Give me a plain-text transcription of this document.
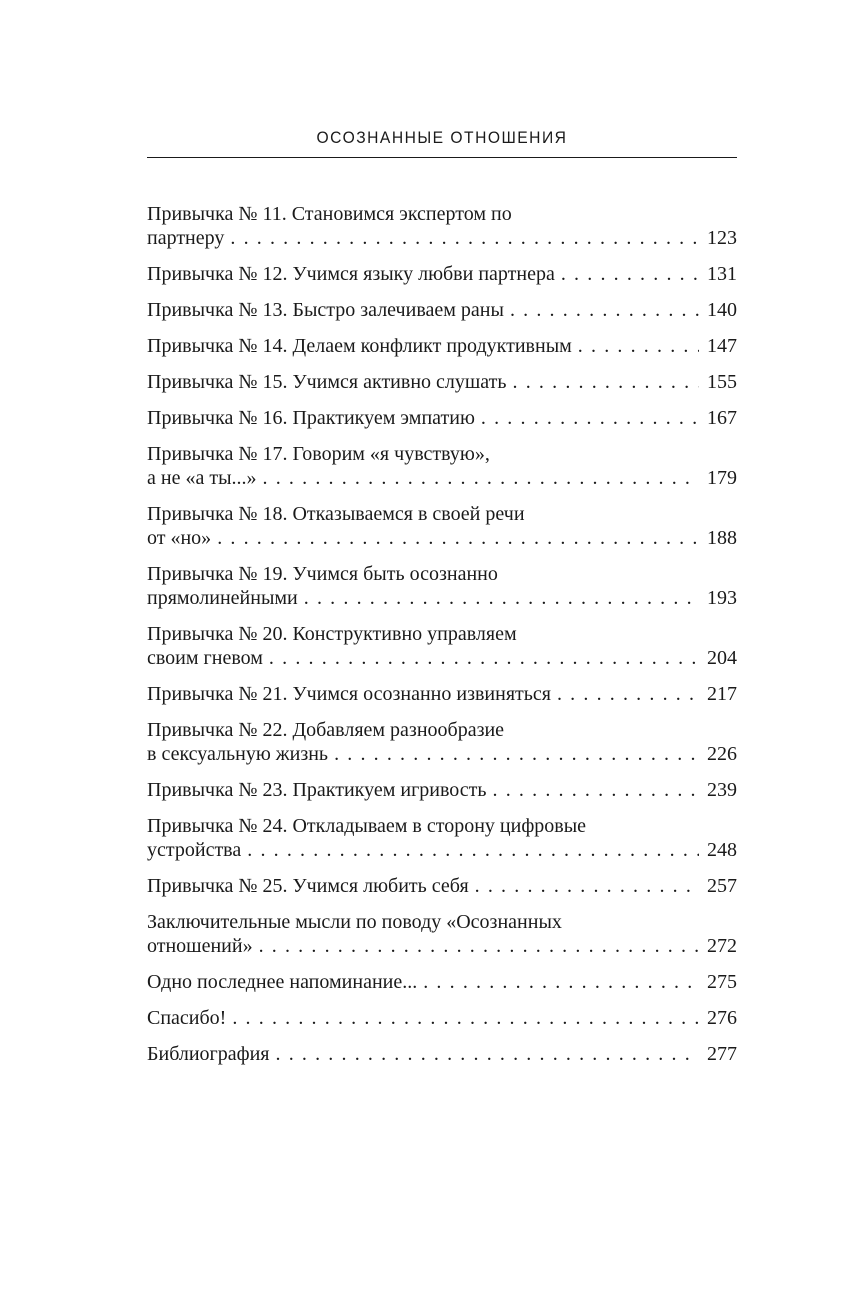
ОСОЗНАННЫЕ ОТНОШЕНИЯ
Привычка № 11. Становимся экспертом по
партнеру . . .	123
Привычка № 12. Учимся языку любви партнера . . .	131
Привычка № 13. Быстро залечиваем раны . . .	140
Привычка № 14. Делаем конфликт продуктивным . . .	147
Привычка № 15. Учимся активно слушать . . .	155
Привычка № 16. Практикуем эмпатию . . .	167
Привычка № 17. Говорим «я чувствую»,
а не «а ты...» . . .	179
Привычка № 18. Отказываемся в своей речи
от «но» . . .	188
Привычка № 19. Учимся быть осознанно
прямолинейными . . .	193
Привычка № 20. Конструктивно управляем
своим гневом . . .	204
Привычка № 21. Учимся осознанно извиняться . . .	217
Привычка № 22. Добавляем разнообразие
в сексуальную жизнь . . .	226
Привычка № 23. Практикуем игривость . . .	239
Привычка № 24. Откладываем в сторону цифровые
устройства . . .	248
Привычка № 25. Учимся любить себя . . .	257
Заключительные мысли по поводу «Осознанных
отношений» . . .	272
Одно последнее напоминание... . . .	275
Спасибо! . . .	276
Библиография . . .	277
